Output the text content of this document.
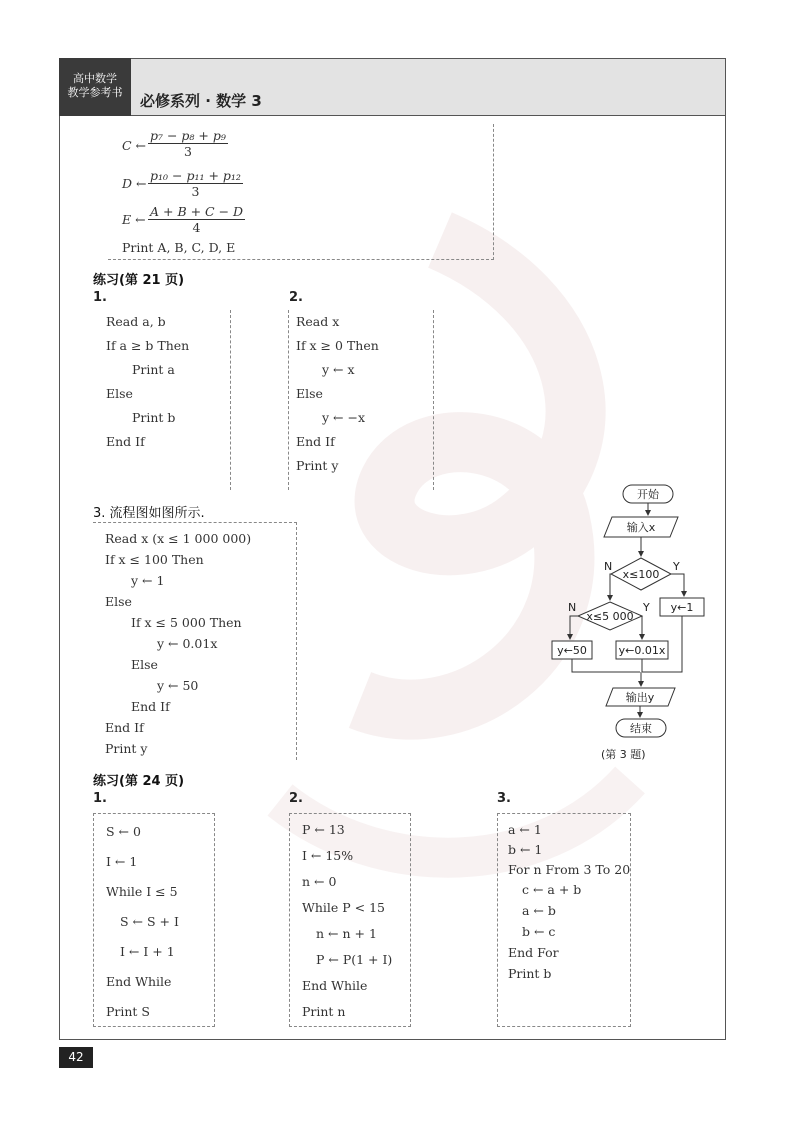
高中数学
教学参考书	必修系列 · 数学 3
C ← $\frac{\text{p₇ − p₈ + p₉}}{3}$
D ← $\frac{\text{p₁₀ − p₁₁ + p₁₂}}{3}$
E ← $\frac{A + B + C - D}{4}$
Print A, B, C, D, E
练习(第 21 页)
1.	2.
Read a, b
If a ≥ b Then
Print a
Else
Print b
End If
Read x
If x ≥ 0 Then
y ← x
Else
y ← −x
End If
Print y
3. 流程图如图所示.
Read x (x ≤ 1 000 000)
If x ≤ 100 Then
y ← 1
Else
If x ≤ 5 000 Then
y ← 0.01x
Else
y ← 50
End If
End If
Print y
开始
输入x
x≤100
N	Y
y←1
x≤5 000
N	Y
y←50	y←0.01x
输出y
结束
(第 3 题)
练习(第 24 页)
1.	2.	3.
S ← 0
I ← 1
While I ≤ 5
S ← S + I
I ← I + 1
End While
Print S
P ← 13
I ← 15%
n ← 0
While P < 15
n ← n + 1
P ← P(1 + I)
End While
Print n
a ← 1
b ← 1
For n From 3 To 20
c ← a + b
a ← b
b ← c
End For
Print b
42
